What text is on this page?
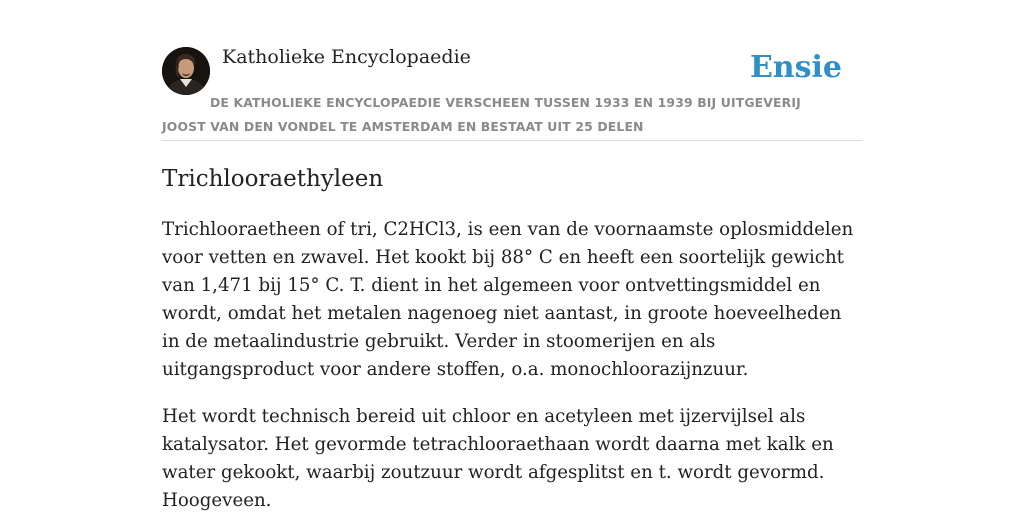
Katholieke Encyclopaedie	Ensie
DE KATHOLIEKE ENCYCLOPAEDIE VERSCHEEN TUSSEN 1933 EN 1939 BIJ UITGEVERIJ JOOST VAN DEN VONDEL TE AMSTERDAM EN BESTAAT UIT 25 DELEN
Trichlooraethyleen

Trichlooraetheen of tri, C2HCl3, is een van de voornaamste oplosmiddelen voor vetten en zwavel. Het kookt bij 88° C en heeft een soortelijk gewicht van 1,471 bij 15° C. T. dient in het algemeen voor ontvettingsmiddel en wordt, omdat het metalen nagenoeg niet aantast, in groote hoeveelheden in de metaalindustrie gebruikt. Verder in stoomerijen en als uitgangsproduct voor andere stoffen, o.a. monochloorazijnzuur.

Het wordt technisch bereid uit chloor en acetyleen met ijzervijlsel als katalysator. Het gevormde tetrachlooraethaan wordt daarna met kalk en water gekookt, waarbij zoutzuur wordt afgesplitst en t. wordt gevormd. Hoogeveen.
